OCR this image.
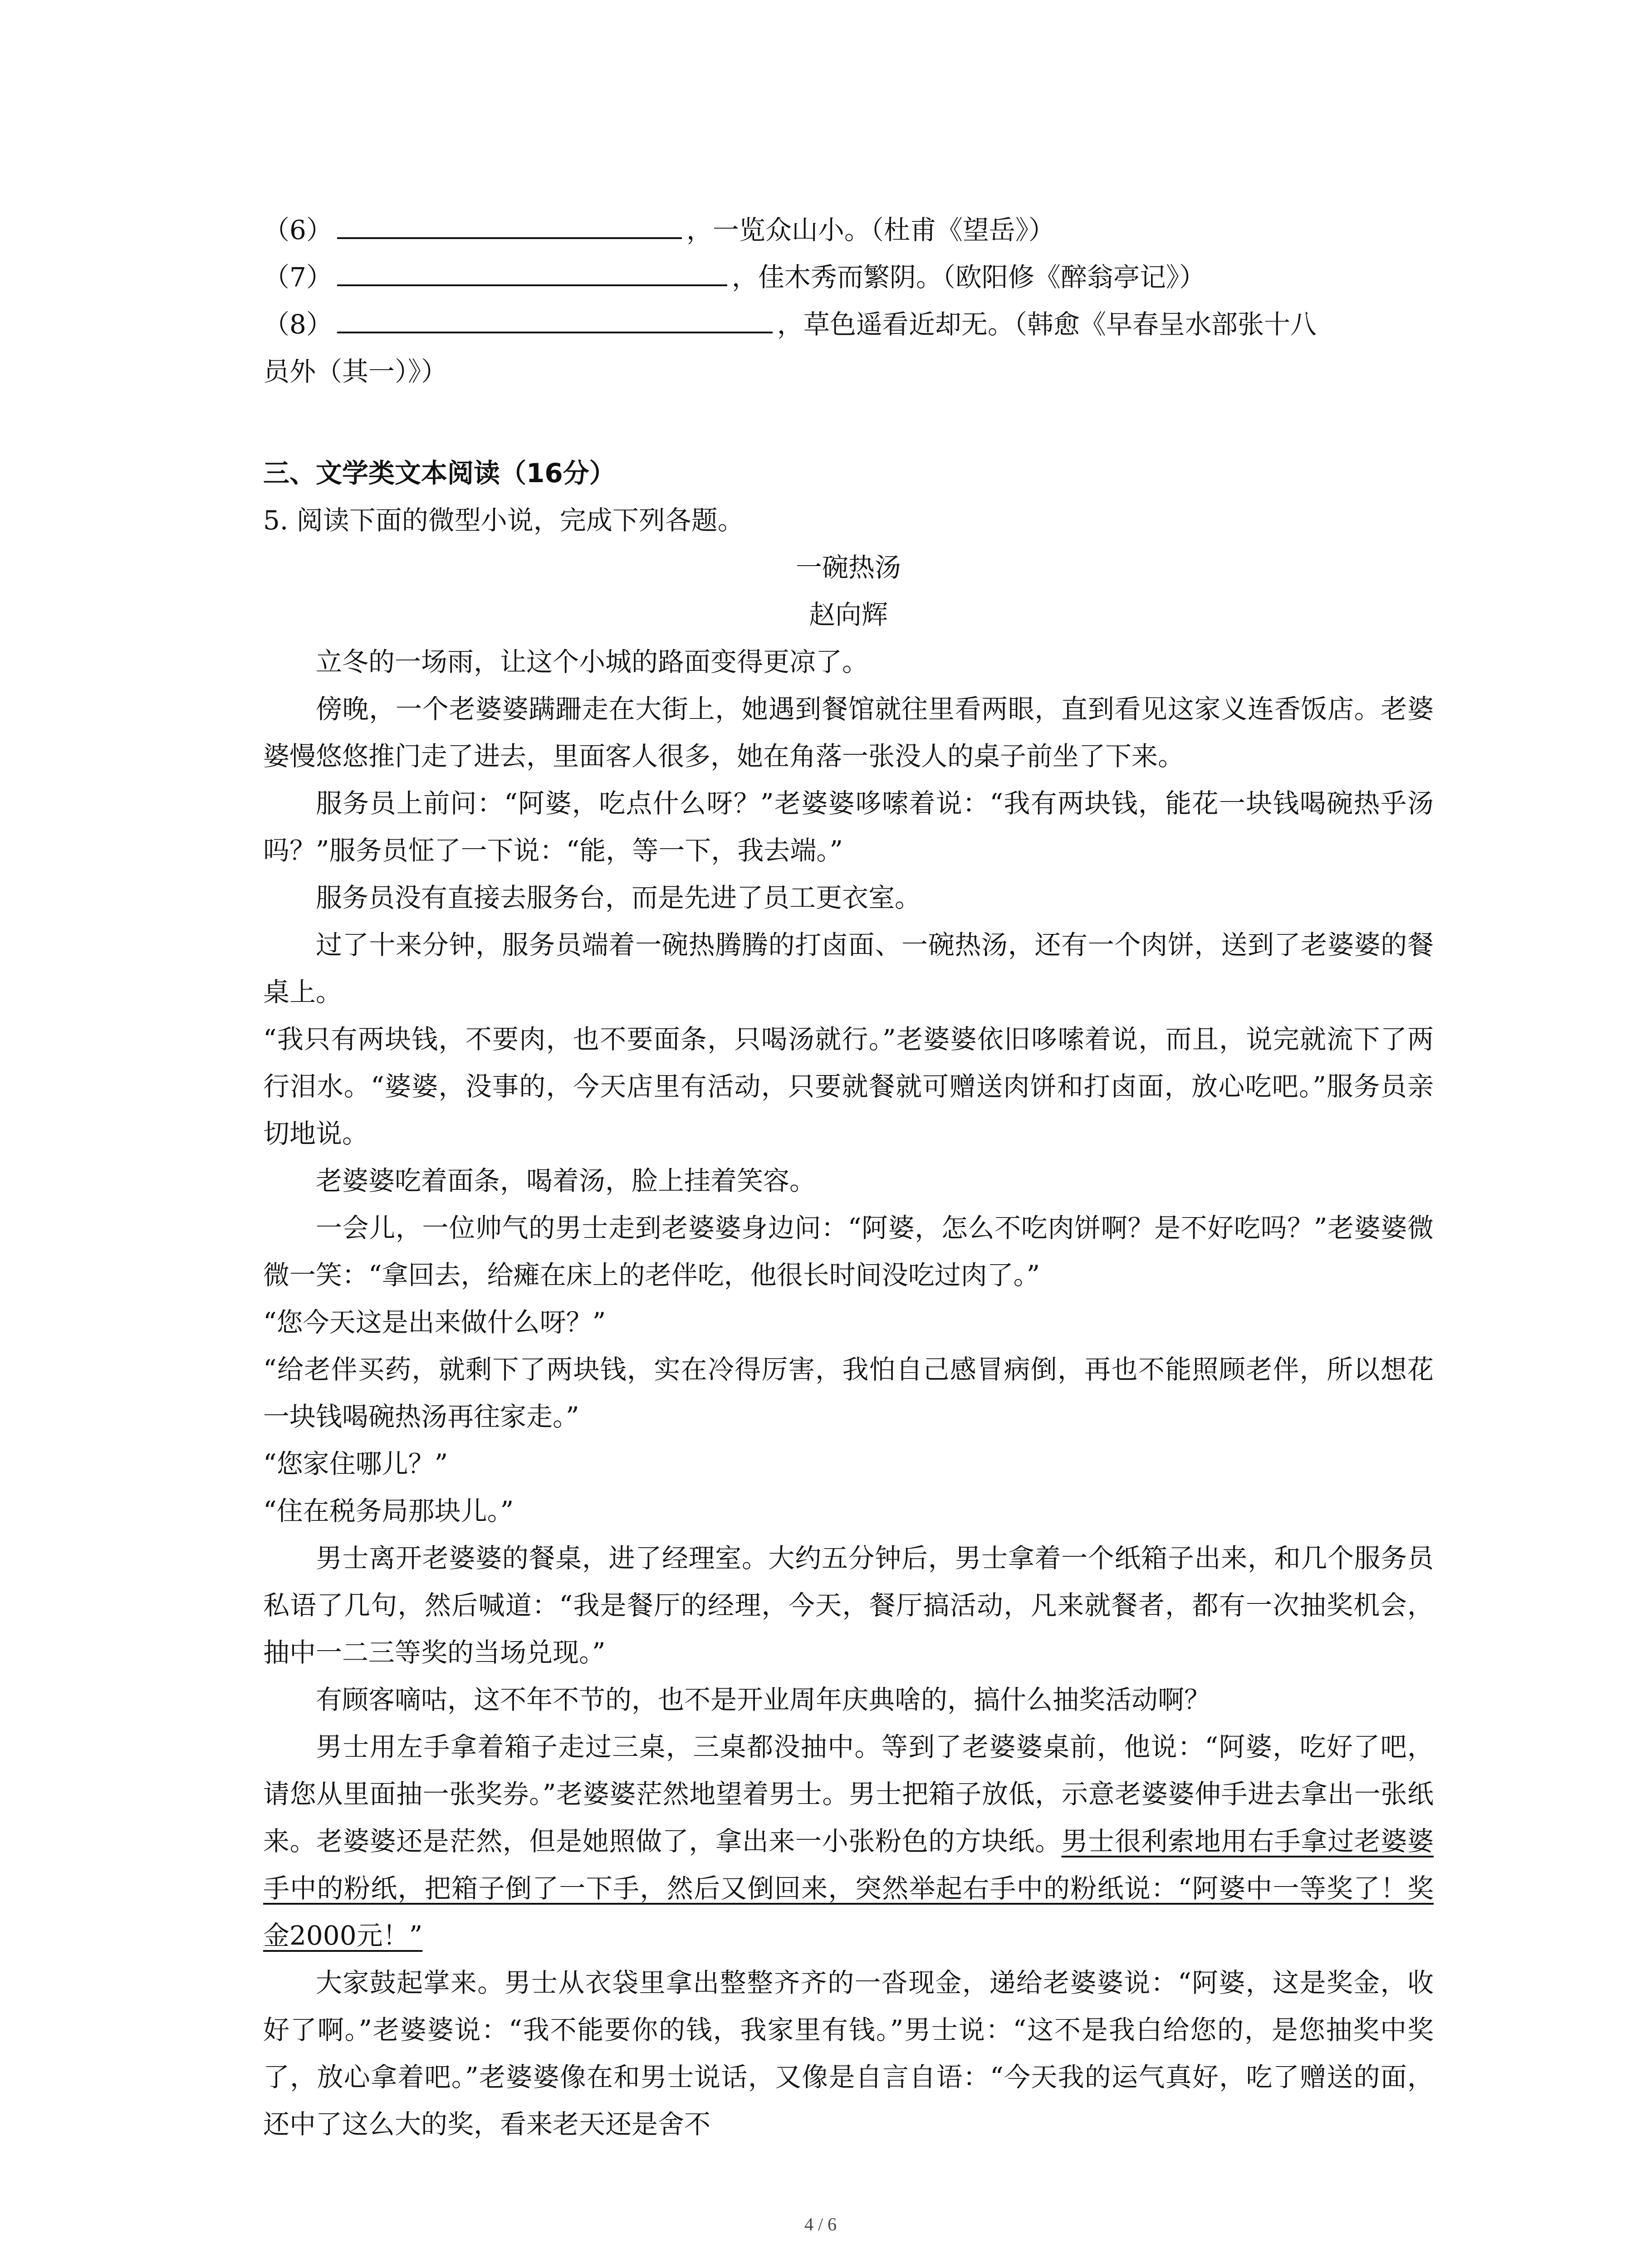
（6）	，一览众山小。（杜甫《望岳》）
（7）	，佳木秀而繁阴。（欧阳修《醉翁亭记》）
（8）	，草色遥看近却无。（韩愈《早春呈水部张十八
员外（其一）》）
三、文学类文本阅读（16分）
5. 阅读下面的微型小说，完成下列各题。
一碗热汤
赵向辉
立冬的一场雨，让这个小城的路面变得更凉了。
傍晚，一个老婆婆蹒跚走在大街上，她遇到餐馆就往里看两眼，直到看见这家义连香饭店。老婆婆慢悠悠推门走了进去，里面客人很多，她在角落一张没人的桌子前坐了下来。
服务员上前问：“阿婆，吃点什么呀？”老婆婆哆嗦着说：“我有两块钱，能花一块钱喝碗热乎汤吗？”服务员怔了一下说：“能，等一下，我去端。”
服务员没有直接去服务台，而是先进了员工更衣室。
过了十来分钟，服务员端着一碗热腾腾的打卤面、一碗热汤，还有一个肉饼，送到了老婆婆的餐桌上。
“我只有两块钱，不要肉，也不要面条，只喝汤就行。”老婆婆依旧哆嗦着说，而且，说完就流下了两行泪水。“婆婆，没事的，今天店里有活动，只要就餐就可赠送肉饼和打卤面，放心吃吧。”服务员亲切地说。
老婆婆吃着面条，喝着汤，脸上挂着笑容。
一会儿，一位帅气的男士走到老婆婆身边问：“阿婆，怎么不吃肉饼啊？是不好吃吗？”老婆婆微微一笑：“拿回去，给瘫在床上的老伴吃，他很长时间没吃过肉了。”
“您今天这是出来做什么呀？”
“给老伴买药，就剩下了两块钱，实在冷得厉害，我怕自己感冒病倒，再也不能照顾老伴，所以想花一块钱喝碗热汤再往家走。”
“您家住哪儿？”
“住在税务局那块儿。”
男士离开老婆婆的餐桌，进了经理室。大约五分钟后，男士拿着一个纸箱子出来，和几个服务员私语了几句，然后喊道：“我是餐厅的经理，今天，餐厅搞活动，凡来就餐者，都有一次抽奖机会，抽中一二三等奖的当场兑现。”
有顾客嘀咕，这不年不节的，也不是开业周年庆典啥的，搞什么抽奖活动啊？
男士用左手拿着箱子走过三桌，三桌都没抽中。等到了老婆婆桌前，他说：“阿婆，吃好了吧，请您从里面抽一张奖券。”老婆婆茫然地望着男士。男士把箱子放低，示意老婆婆伸手进去拿出一张纸来。老婆婆还是茫然，但是她照做了，拿出来一小张粉色的方块纸。男士很利索地用右手拿过老婆婆手中的粉纸，把箱子倒了一下手，然后又倒回来，突然举起右手中的粉纸说：“阿婆中一等奖了！奖金2000元！”
大家鼓起掌来。男士从衣袋里拿出整整齐齐的一沓现金，递给老婆婆说：“阿婆，这是奖金，收好了啊。”老婆婆说：“我不能要你的钱，我家里有钱。”男士说：“这不是我白给您的，是您抽奖中奖了，放心拿着吧。”老婆婆像在和男士说话，又像是自言自语：“今天我的运气真好，吃了赠送的面，还中了这么大的奖，看来老天还是舍不
4 / 6
